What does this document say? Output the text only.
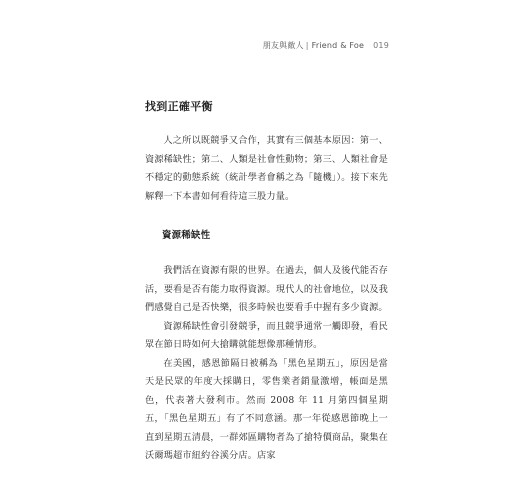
朋友與敵人 | Friend & Foe 019
找到正確平衡

人之所以既競爭又合作，其實有三個基本原因：第一、資源稀缺性；第二、人類是社會性動物；第三、人類社會是不穩定的動態系統（統計學者會稱之為「隨機」）。接下來先解釋一下本書如何看待這三股力量。

資源稀缺性

我們活在資源有限的世界。在過去，個人及後代能否存活，要看是否有能力取得資源。現代人的社會地位，以及我們感覺自己是否快樂，很多時候也要看手中握有多少資源。

資源稀缺性會引發競爭，而且競爭通常一觸即發，看民眾在節日時如何大搶購就能想像那種情形。

在美國，感恩節隔日被稱為「黑色星期五」，原因是當天是民眾的年度大採購日，零售業者銷量激增，帳面是黑色，代表著大發利市。然而 2008 年 11 月第四個星期五，「黑色星期五」有了不同意涵。那一年從感恩節晚上一直到星期五清晨，一群郊區購物者為了搶特價商品，聚集在沃爾瑪超市紐約谷溪分店。店家
